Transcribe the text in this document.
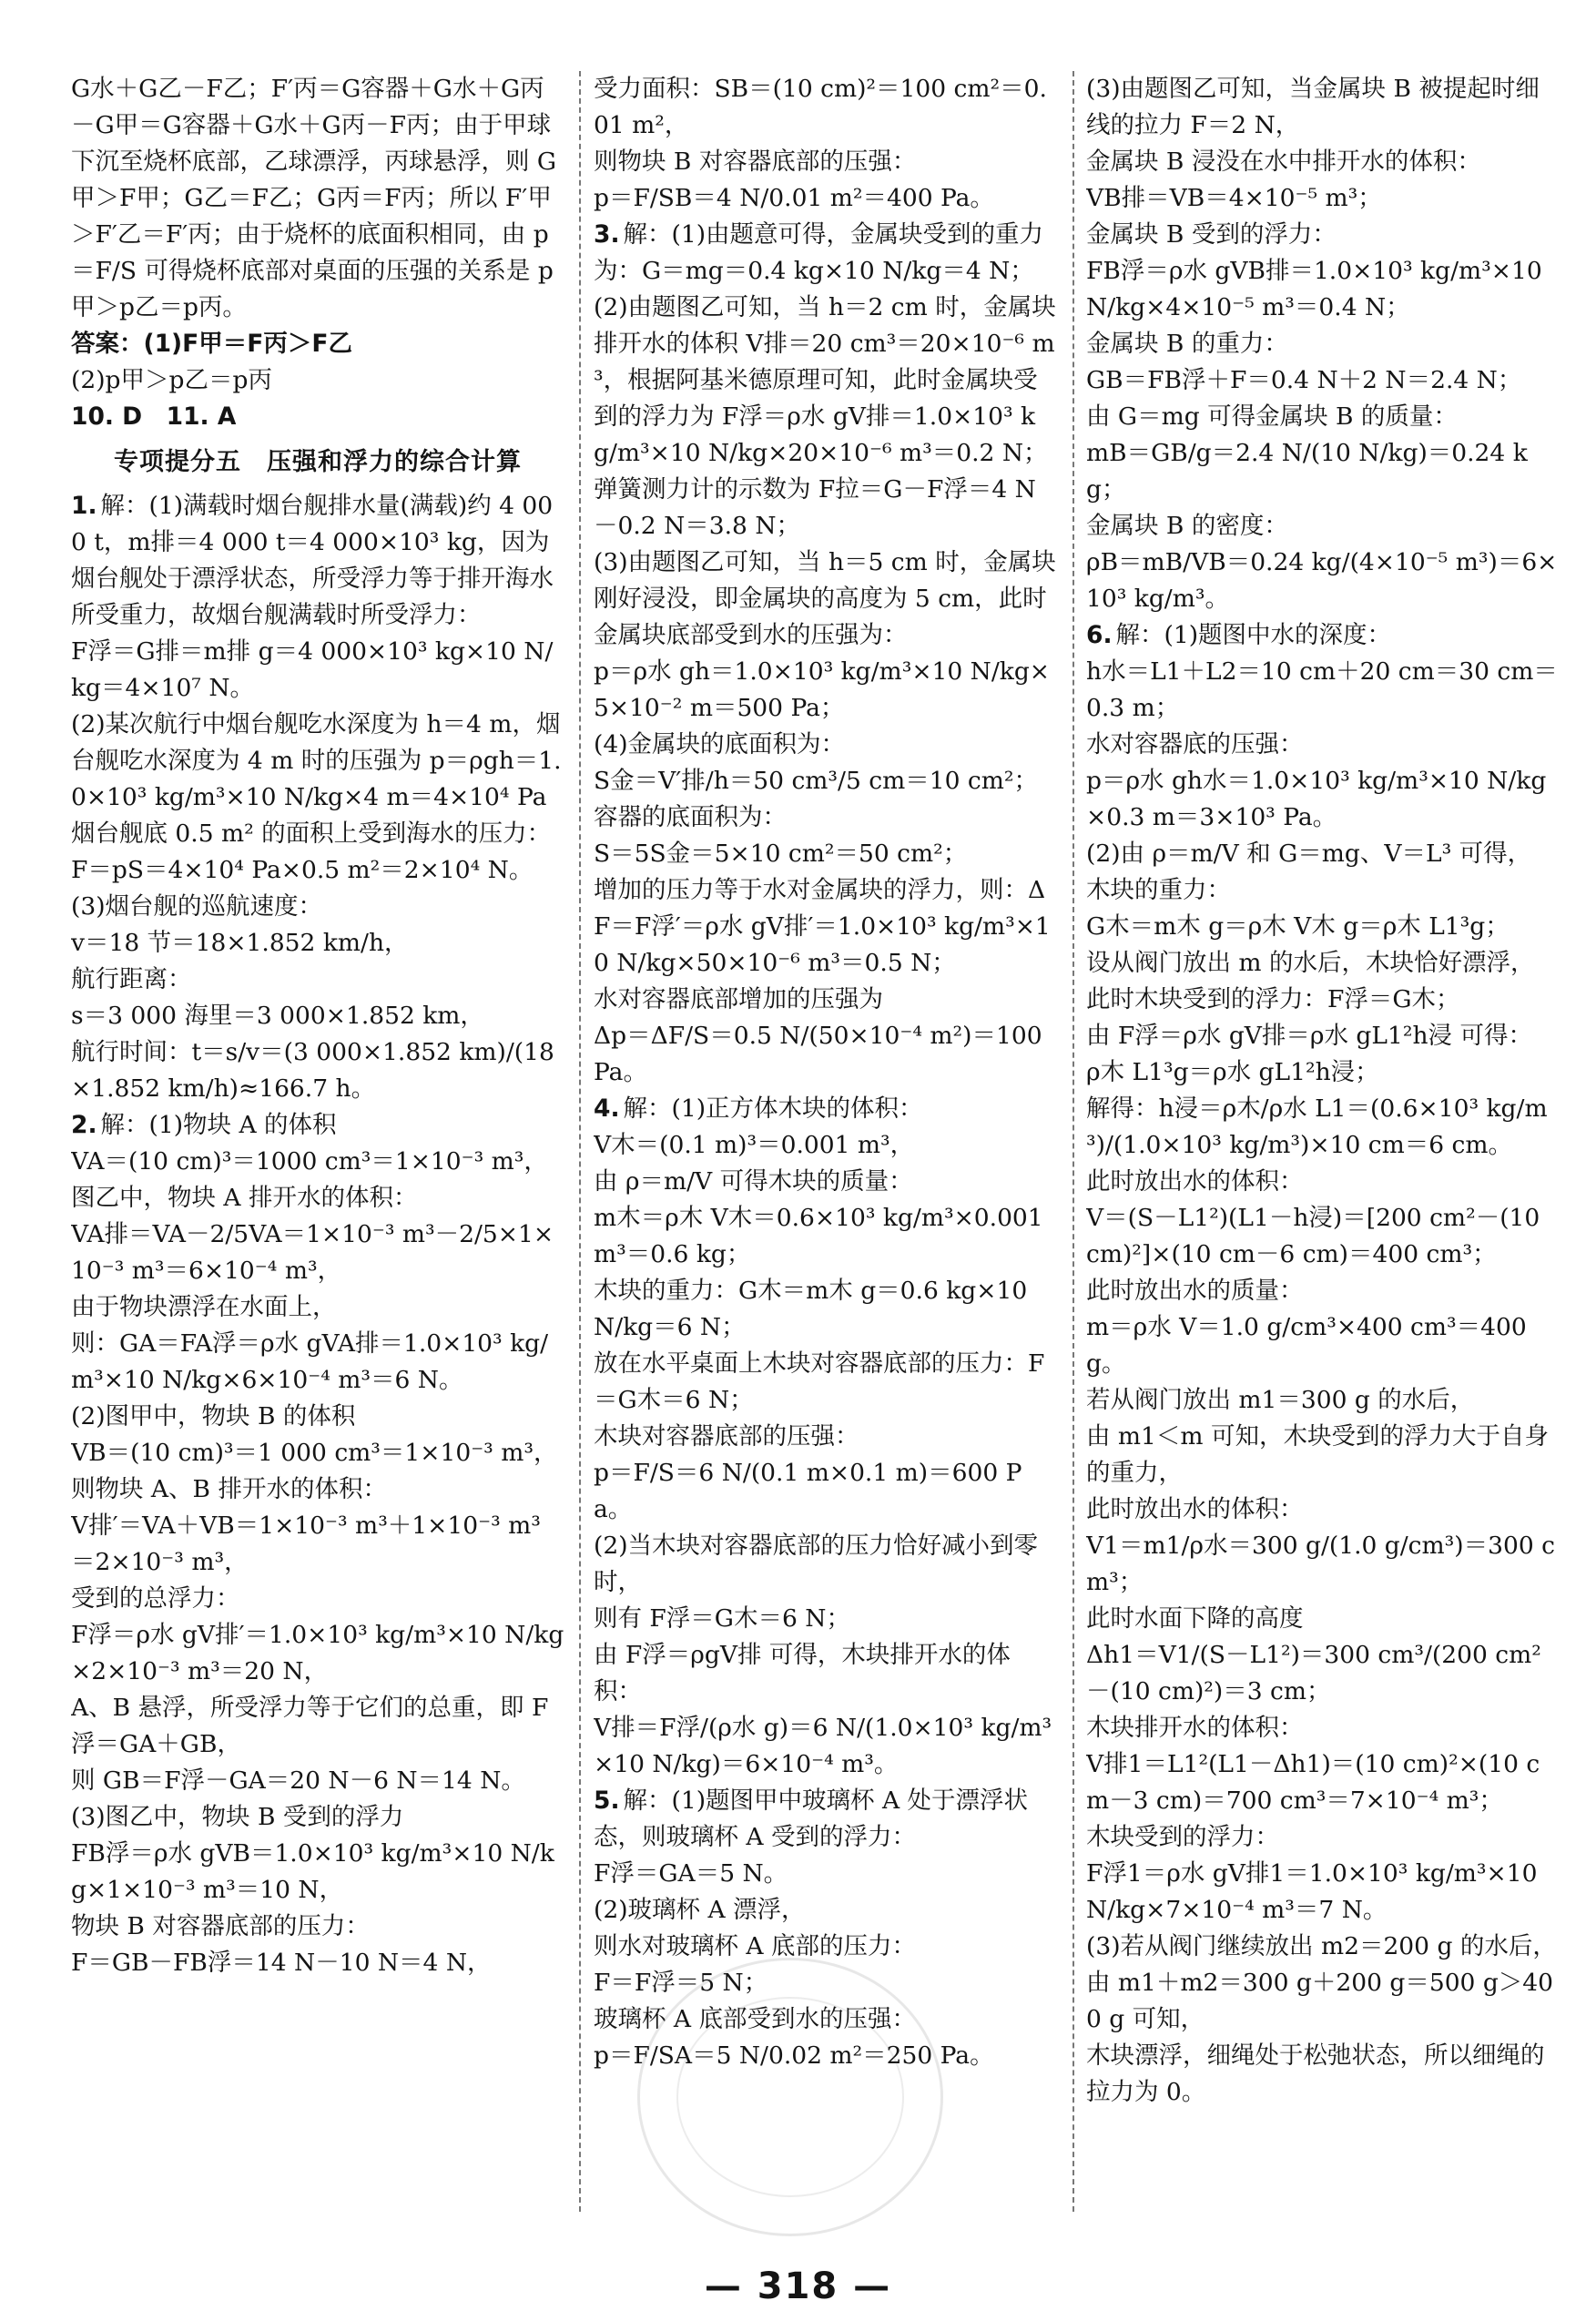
G水＋G乙－F乙；F′丙＝G容器＋G水＋G丙－G甲＝G容器＋G水＋G丙－F丙；由于甲球下沉至烧杯底部，乙球漂浮，丙球悬浮，则 G甲＞F甲；G乙＝F乙；G丙＝F丙；所以 F′甲＞F′乙＝F′丙；由于烧杯的底面积相同，由 p＝F/S 可得烧杯底部对桌面的压强的关系是 p甲＞p乙＝p丙。

答案：(1)F甲＝F丙＞F乙

(2)p甲＞p乙＝p丙

10. D　11. A

专项提分五　压强和浮力的综合计算

1. 解：(1)满载时烟台舰排水量(满载)约 4 000 t，m排＝4 000 t＝4 000×10³ kg，因为烟台舰处于漂浮状态，所受浮力等于排开海水所受重力，故烟台舰满载时所受浮力：

F浮＝G排＝m排 g＝4 000×10³ kg×10 N/kg＝4×10⁷ N。

(2)某次航行中烟台舰吃水深度为 h＝4 m，烟台舰吃水深度为 4 m 时的压强为 p＝ρgh＝1.0×10³ kg/m³×10 N/kg×4 m＝4×10⁴ Pa

烟台舰底 0.5 m² 的面积上受到海水的压力：F＝pS＝4×10⁴ Pa×0.5 m²＝2×10⁴ N。

(3)烟台舰的巡航速度：

v＝18 节＝18×1.852 km/h，

航行距离：

s＝3 000 海里＝3 000×1.852 km，

航行时间：t＝s/v＝(3 000×1.852 km)/(18×1.852 km/h)≈166.7 h。

2. 解：(1)物块 A 的体积

VA＝(10 cm)³＝1000 cm³＝1×10⁻³ m³，

图乙中，物块 A 排开水的体积：

VA排＝VA－2/5VA＝1×10⁻³ m³－2/5×1×10⁻³ m³＝6×10⁻⁴ m³，

由于物块漂浮在水面上，

则：GA＝FA浮＝ρ水 gVA排＝1.0×10³ kg/m³×10 N/kg×6×10⁻⁴ m³＝6 N。

(2)图甲中，物块 B 的体积

VB＝(10 cm)³＝1 000 cm³＝1×10⁻³ m³，

则物块 A、B 排开水的体积：

V排′＝VA＋VB＝1×10⁻³ m³＋1×10⁻³ m³＝2×10⁻³ m³，

受到的总浮力：

F浮＝ρ水 gV排′＝1.0×10³ kg/m³×10 N/kg×2×10⁻³ m³＝20 N，

A、B 悬浮，所受浮力等于它们的总重，即 F浮＝GA＋GB，

则 GB＝F浮－GA＝20 N－6 N＝14 N。

(3)图乙中，物块 B 受到的浮力

FB浮＝ρ水 gVB＝1.0×10³ kg/m³×10 N/kg×1×10⁻³ m³＝10 N，

物块 B 对容器底部的压力：

F＝GB－FB浮＝14 N－10 N＝4 N，

受力面积：SB＝(10 cm)²＝100 cm²＝0.01 m²，

则物块 B 对容器底部的压强：

p＝F/SB＝4 N/0.01 m²＝400 Pa。

3. 解：(1)由题意可得，金属块受到的重力为：G＝mg＝0.4 kg×10 N/kg＝4 N；

(2)由题图乙可知，当 h＝2 cm 时，金属块排开水的体积 V排＝20 cm³＝20×10⁻⁶ m³，根据阿基米德原理可知，此时金属块受到的浮力为 F浮＝ρ水 gV排＝1.0×10³ kg/m³×10 N/kg×20×10⁻⁶ m³＝0.2 N；

弹簧测力计的示数为 F拉＝G－F浮＝4 N－0.2 N＝3.8 N；

(3)由题图乙可知，当 h＝5 cm 时，金属块刚好浸没，即金属块的高度为 5 cm，此时金属块底部受到水的压强为：

p＝ρ水 gh＝1.0×10³ kg/m³×10 N/kg×5×10⁻² m＝500 Pa；

(4)金属块的底面积为：

S金＝V′排/h＝50 cm³/5 cm＝10 cm²；

容器的底面积为：

S＝5S金＝5×10 cm²＝50 cm²；

增加的压力等于水对金属块的浮力，则：ΔF＝F浮′＝ρ水 gV排′＝1.0×10³ kg/m³×10 N/kg×50×10⁻⁶ m³＝0.5 N；

水对容器底部增加的压强为

Δp＝ΔF/S＝0.5 N/(50×10⁻⁴ m²)＝100 Pa。

4. 解：(1)正方体木块的体积：

V木＝(0.1 m)³＝0.001 m³，

由 ρ＝m/V 可得木块的质量：

m木＝ρ木 V木＝0.6×10³ kg/m³×0.001 m³＝0.6 kg；

木块的重力：G木＝m木 g＝0.6 kg×10 N/kg＝6 N；

放在水平桌面上木块对容器底部的压力：F＝G木＝6 N；

木块对容器底部的压强：

p＝F/S＝6 N/(0.1 m×0.1 m)＝600 Pa。

(2)当木块对容器底部的压力恰好减小到零时，

则有 F浮＝G木＝6 N；

由 F浮＝ρgV排 可得，木块排开水的体积：

V排＝F浮/(ρ水 g)＝6 N/(1.0×10³ kg/m³×10 N/kg)＝6×10⁻⁴ m³。

5. 解：(1)题图甲中玻璃杯 A 处于漂浮状态，则玻璃杯 A 受到的浮力：

F浮＝GA＝5 N。

(2)玻璃杯 A 漂浮，

则水对玻璃杯 A 底部的压力：

F＝F浮＝5 N；

玻璃杯 A 底部受到水的压强：

p＝F/SA＝5 N/0.02 m²＝250 Pa。

(3)由题图乙可知，当金属块 B 被提起时细线的拉力 F＝2 N，

金属块 B 浸没在水中排开水的体积：

VB排＝VB＝4×10⁻⁵ m³；

金属块 B 受到的浮力：

FB浮＝ρ水 gVB排＝1.0×10³ kg/m³×10 N/kg×4×10⁻⁵ m³＝0.4 N；

金属块 B 的重力：

GB＝FB浮＋F＝0.4 N＋2 N＝2.4 N；

由 G＝mg 可得金属块 B 的质量：

mB＝GB/g＝2.4 N/(10 N/kg)＝0.24 kg；

金属块 B 的密度：

ρB＝mB/VB＝0.24 kg/(4×10⁻⁵ m³)＝6×10³ kg/m³。

6. 解：(1)题图中水的深度：

h水＝L1＋L2＝10 cm＋20 cm＝30 cm＝0.3 m；

水对容器底的压强：

p＝ρ水 gh水＝1.0×10³ kg/m³×10 N/kg×0.3 m＝3×10³ Pa。

(2)由 ρ＝m/V 和 G＝mg、V＝L³ 可得，

木块的重力：

G木＝m木 g＝ρ木 V木 g＝ρ木 L1³g；

设从阀门放出 m 的水后，木块恰好漂浮，

此时木块受到的浮力：F浮＝G木；

由 F浮＝ρ水 gV排＝ρ水 gL1²h浸 可得：

ρ木 L1³g＝ρ水 gL1²h浸；

解得：h浸＝ρ木/ρ水 L1＝(0.6×10³ kg/m³)/(1.0×10³ kg/m³)×10 cm＝6 cm。

此时放出水的体积：

V＝(S－L1²)(L1－h浸)＝[200 cm²－(10 cm)²]×(10 cm－6 cm)＝400 cm³；

此时放出水的质量：

m＝ρ水 V＝1.0 g/cm³×400 cm³＝400 g。

若从阀门放出 m1＝300 g 的水后，

由 m1＜m 可知，木块受到的浮力大于自身的重力，

此时放出水的体积：

V1＝m1/ρ水＝300 g/(1.0 g/cm³)＝300 cm³；

此时水面下降的高度

Δh1＝V1/(S－L1²)＝300 cm³/(200 cm²－(10 cm)²)＝3 cm；

木块排开水的体积：

V排1＝L1²(L1－Δh1)＝(10 cm)²×(10 cm－3 cm)＝700 cm³＝7×10⁻⁴ m³；

木块受到的浮力：

F浮1＝ρ水 gV排1＝1.0×10³ kg/m³×10 N/kg×7×10⁻⁴ m³＝7 N。

(3)若从阀门继续放出 m2＝200 g 的水后，由 m1＋m2＝300 g＋200 g＝500 g＞400 g 可知，

木块漂浮，细绳处于松弛状态，所以细绳的拉力为 0。

— 318 —
